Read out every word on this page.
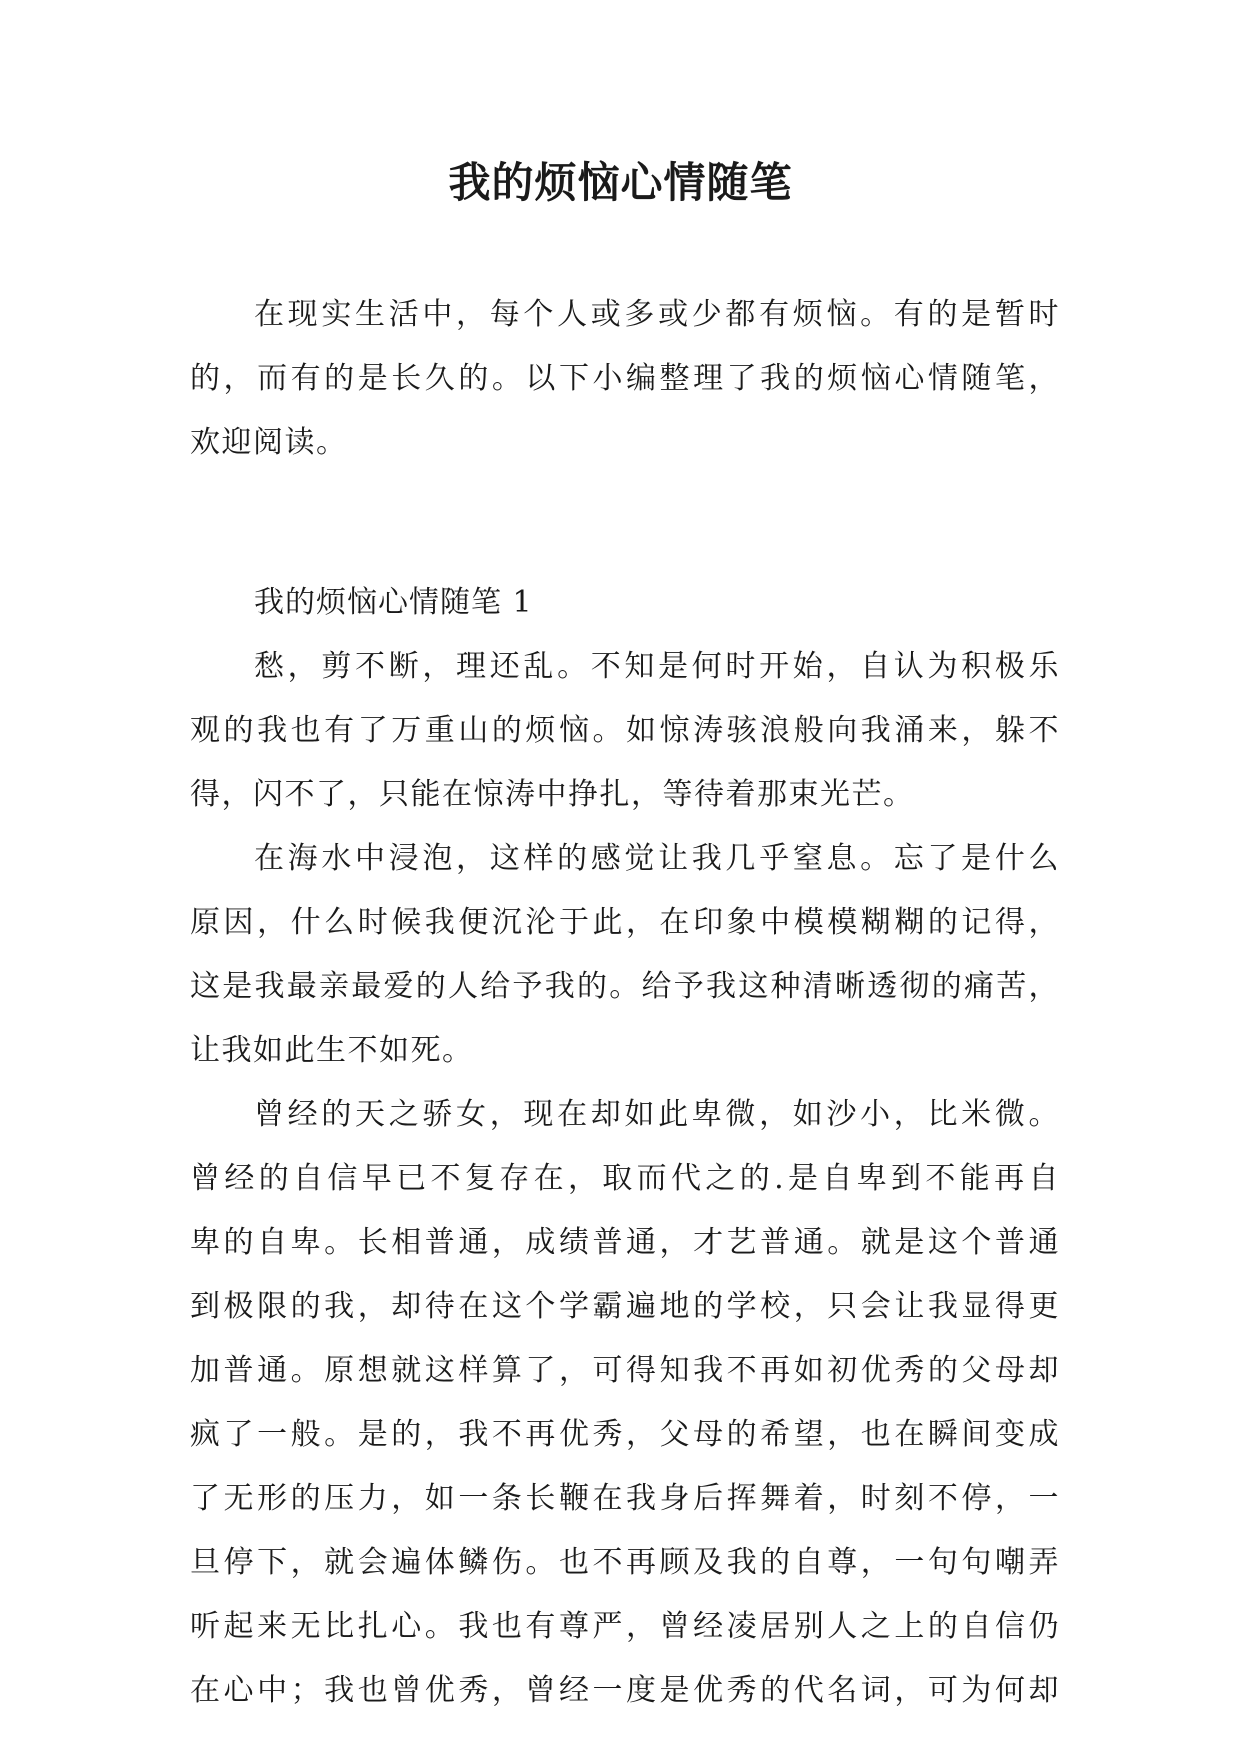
我的烦恼心情随笔
在现实生活中，每个人或多或少都有烦恼。有的是暂时
的，而有的是长久的。以下小编整理了我的烦恼心情随笔，
欢迎阅读。
我的烦恼心情随笔 1
愁，剪不断，理还乱。不知是何时开始，自认为积极乐
观的我也有了万重山的烦恼。如惊涛骇浪般向我涌来，躲不
得，闪不了，只能在惊涛中挣扎，等待着那束光芒。
在海水中浸泡，这样的感觉让我几乎窒息。忘了是什么
原因，什么时候我便沉沦于此，在印象中模模糊糊的记得，
这是我最亲最爱的人给予我的。给予我这种清晰透彻的痛苦，
让我如此生不如死。
曾经的天之骄女，现在却如此卑微，如沙小，比米微。
曾经的自信早已不复存在，取而代之的.是自卑到不能再自
卑的自卑。长相普通，成绩普通，才艺普通。就是这个普通
到极限的我，却待在这个学霸遍地的学校，只会让我显得更
加普通。原想就这样算了，可得知我不再如初优秀的父母却
疯了一般。是的，我不再优秀，父母的希望，也在瞬间变成
了无形的压力，如一条长鞭在我身后挥舞着，时刻不停，一
旦停下，就会遍体鳞伤。也不再顾及我的自尊，一句句嘲弄
听起来无比扎心。我也有尊严，曾经凌居别人之上的自信仍
在心中；我也曾优秀，曾经一度是优秀的代名词，可为何却
